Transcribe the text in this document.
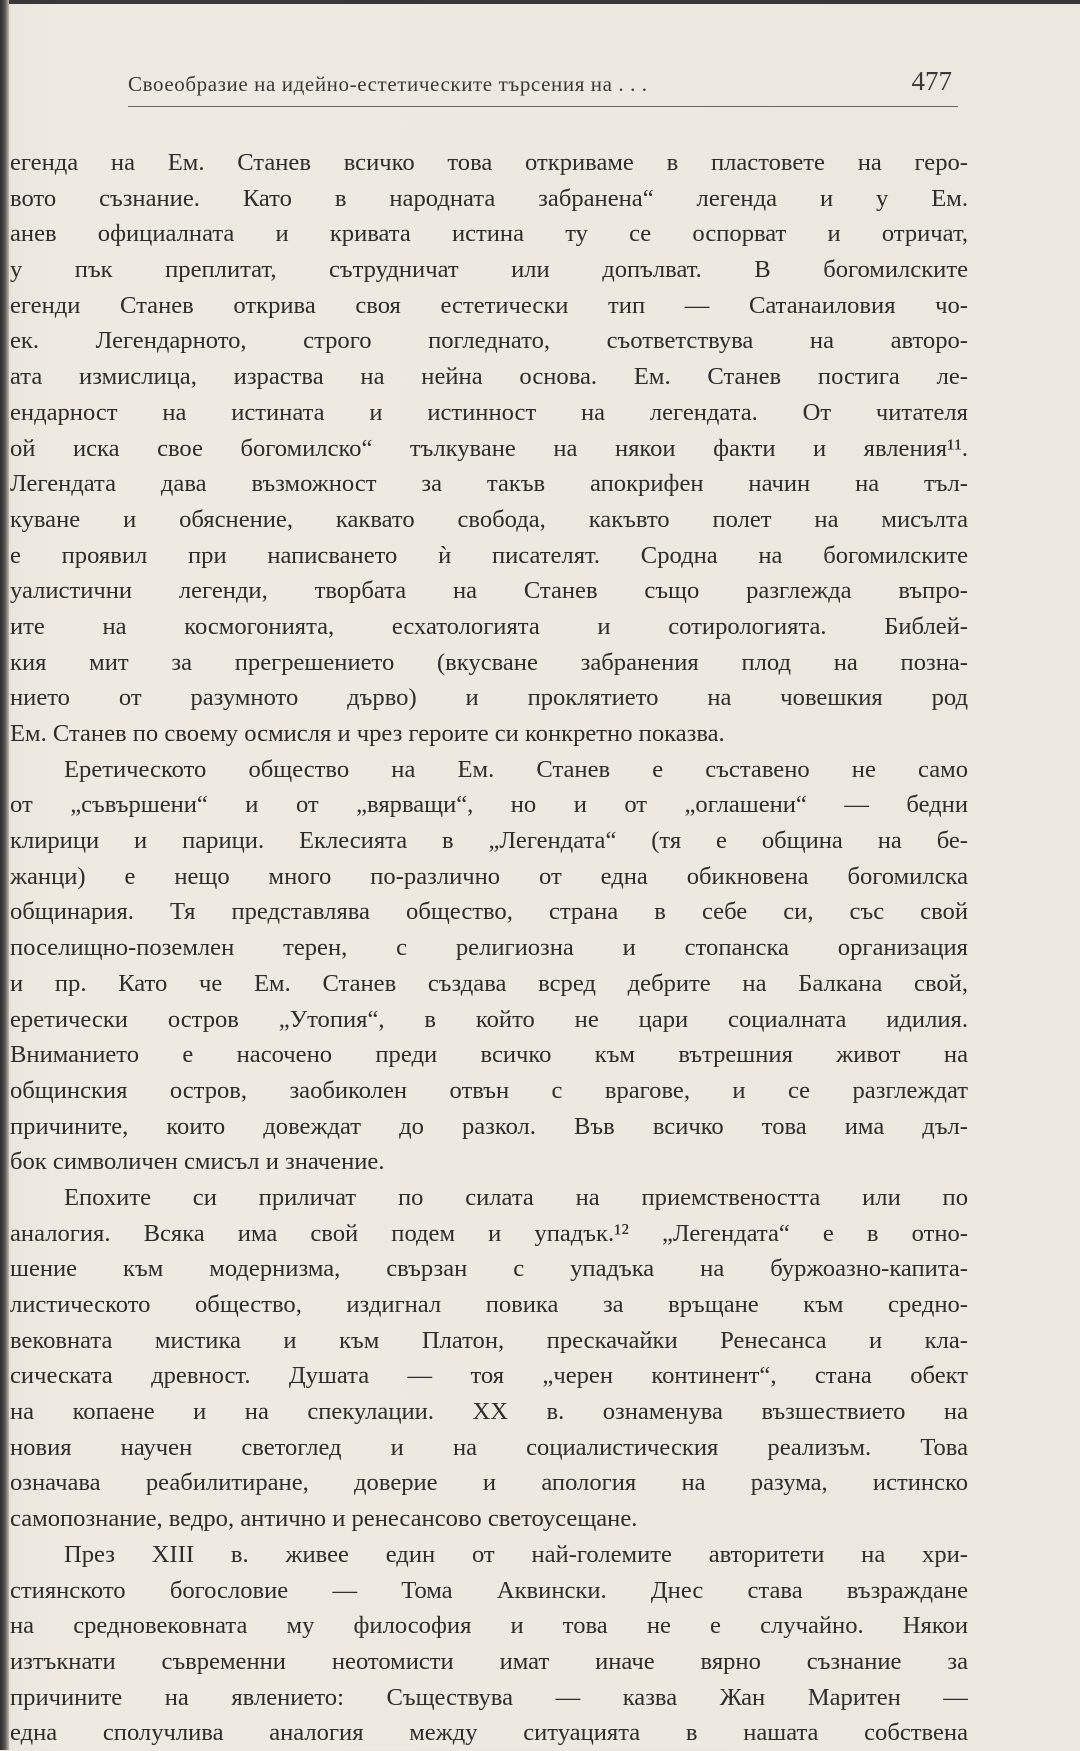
Своеобразие на идейно-естетическите търсения на . . .	477
егенда на Ем. Станев всичко това откриваме в пластовете на геро-
вото съзнание. Като в народната забранена“ легенда и у Ем.
анев официалната и кривата истина ту се оспорват и отричат,
у пък преплитат, сътрудничат или допълват. В богомилските
егенди Станев открива своя естетически тип — Сатанаиловия чо-
ек. Легендарното, строго погледнато, съответствува на авторо-
ата измислица, израства на нейна основа. Ем. Станев постига ле-
ендарност на истината и истинност на легендата. От читателя
ой иска свое богомилско“ тълкуване на някои факти и явления¹¹.
Легендата дава възможност за такъв апокрифен начин на тъл-
куване и обяснение, каквато свобода, какъвто полет на мисълта
е проявил при написването ѝ писателят. Сродна на богомилските
уалистични легенди, творбата на Станев също разглежда въпро-
ите на космогонията, есхатологията и сотирологията. Библей-
кия мит за прегрешението (вкусване забранения плод на позна-
нието от разумното дърво) и проклятието на човешкия род
Ем. Станев по своему осмисля и чрез героите си конкретно показва.
Еретическото общество на Ем. Станев е съставено не само
от „съвършени“ и от „вярващи“, но и от „оглашени“ — бедни
клирици и парици. Еклесията в „Легендата“ (тя е община на бе-
жанци) е нещо много по-различно от една обикновена богомилска
общинария. Тя представлява общество, страна в себе си, със свой
поселищно-поземлен терен, с религиозна и стопанска организация
и пр. Като че Ем. Станев създава всред дебрите на Балкана свой,
еретически остров „Утопия“, в който не цари социалната идилия.
Вниманието е насочено преди всичко към вътрешния живот на
общинския остров, заобиколен отвън с врагове, и се разглеждат
причините, които довеждат до разкол. Във всичко това има дъл-
бок символичен смисъл и значение.
Епохите си приличат по силата на приемствеността или по
аналогия. Всяка има свой подем и упадък.¹² „Легендата“ е в отно-
шение към модернизма, свързан с упадъка на буржоазно-капита-
листическото общество, издигнал повика за връщане към средно-
вековната мистика и към Платон, прескачайки Ренесанса и кла-
сическата древност. Душата — тоя „черен континент“, стана обект
на копаене и на спекулации. XX в. ознаменува възшествието на
новия научен светоглед и на социалистическия реализъм. Това
означава реабилитиране, доверие и апология на разума, истинско
самопознание, ведро, антично и ренесансово светоусещане.
През XIII в. живее един от най-големите авторитети на хри-
стиянското богословие — Тома Аквински. Днес става възраждане
на средновековната му философия и това не е случайно. Някои
изтъкнати съвременни неотомисти имат иначе вярно съзнание за
причините на явлението: Съществува — казва Жан Маритен —
една сполучлива аналогия между ситуацията в нашата собствена
